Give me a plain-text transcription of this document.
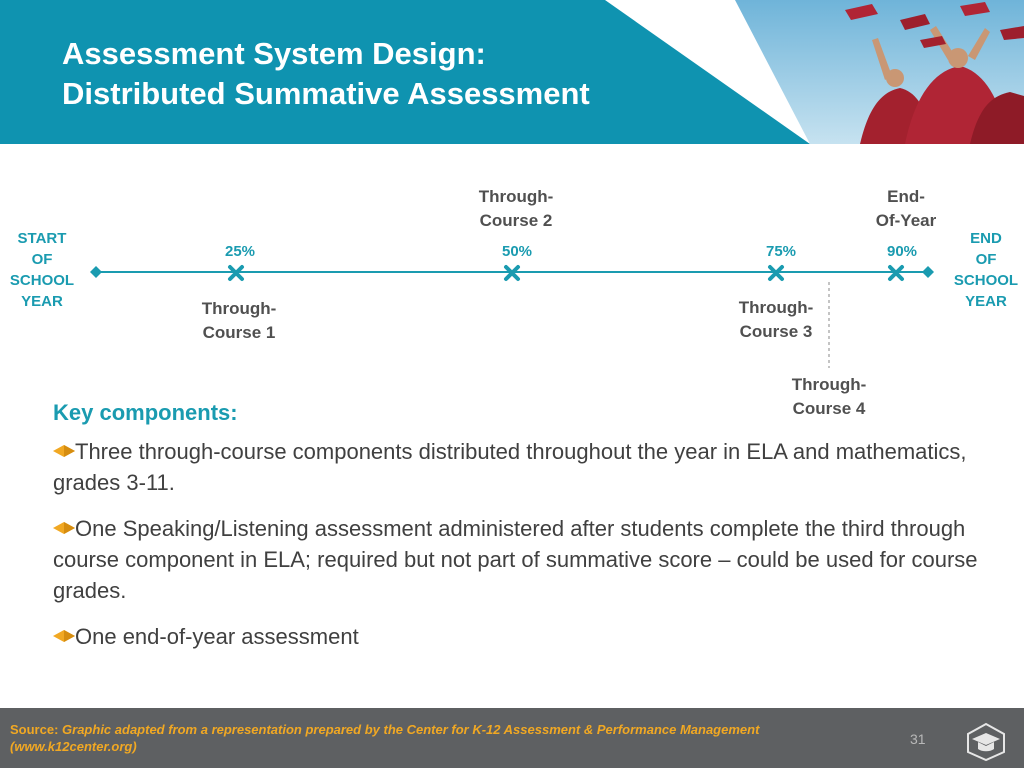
Assessment System Design:
Distributed Summative Assessment
START
OF
SCHOOL
YEAR
END
OF
SCHOOL
YEAR
25%	50%	75%	90%
Through-
Course 1
Through-
Course 2
Through-
Course 3
End-
Of-Year
Through-
Course 4

Key components:

Three through-course components distributed throughout the year in ELA and mathematics, grades 3-11.

One Speaking/Listening assessment administered after students complete the third through course component in ELA; required but not part of summative score – could be used for course grades.

One end-of-year assessment

Source: Graphic adapted from a representation prepared by the Center for K-12 Assessment & Performance Management (www.k12center.org)	31
